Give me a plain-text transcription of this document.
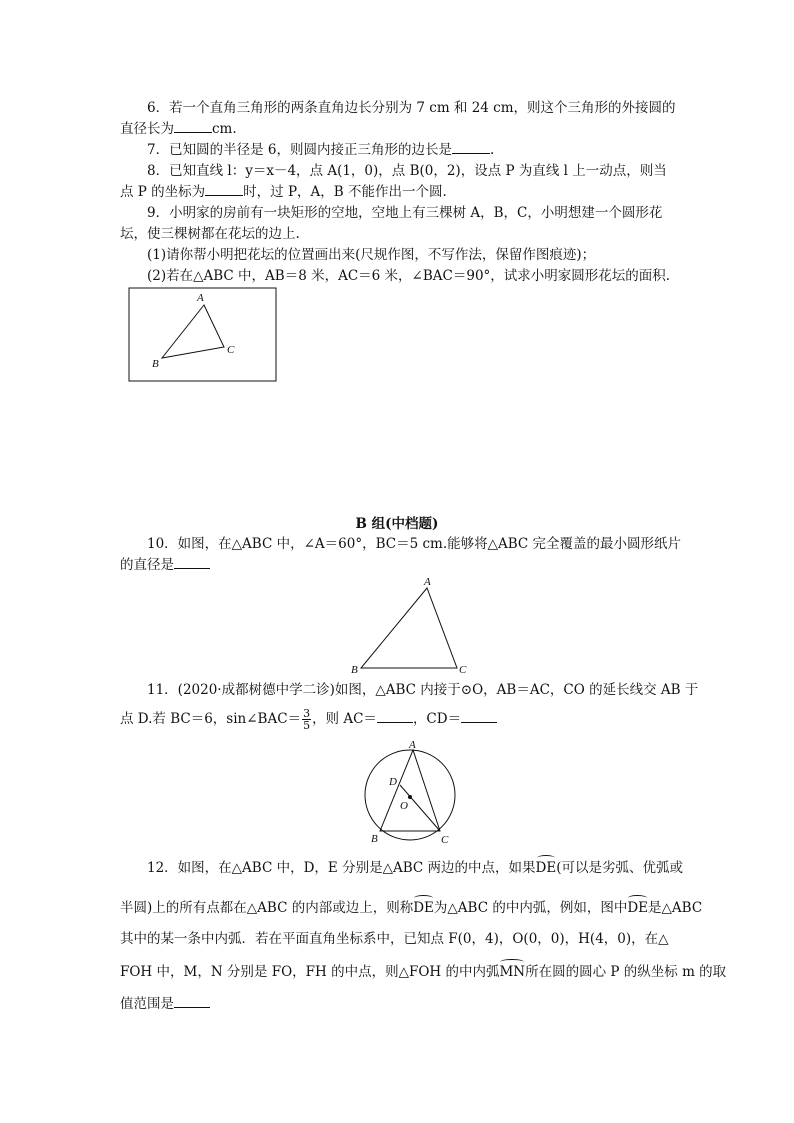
6．若一个直角三角形的两条直角边长分别为 7 cm 和 24 cm，则这个三角形的外接圆的
直径长为	cm.
7．已知圆的半径是 6，则圆内接正三角形的边长是	.
8．已知直线 l：y＝x－4，点 A(1，0)，点 B(0，2)，设点 P 为直线 l 上一动点，则当
点 P 的坐标为	时，过 P，A，B 不能作出一个圆.
9．小明家的房前有一块矩形的空地，空地上有三棵树 A，B，C，小明想建一个圆形花
坛，使三棵树都在花坛的边上.
(1)请你帮小明把花坛的位置画出来(尺规作图，不写作法，保留作图痕迹)；
(2)若在△ABC 中，AB＝8 米，AC＝6 米，∠BAC＝90°，试求小明家圆形花坛的面积.
A
B
C
B 组(中档题)
10．如图，在△ABC 中，∠A＝60°，BC＝5 cm.能够将△ABC 完全覆盖的最小圆形纸片
的直径是
A
B	C
11．(2020·成都树德中学二诊)如图，△ABC 内接于⊙O，AB＝AC，CO 的延长线交 AB 于
点 D.若 BC＝6，sin∠BAC＝ $\frac{3}{5}$ ，则 AC＝	，CD＝
A
B	C
D
O
12．如图，在△ABC 中，D，E 分别是△ABC 两边的中点，如果DE(可以是劣弧、优弧或
半圆)上的所有点都在△ABC 的内部或边上，则称DE为△ABC 的中内弧，例如，图中DE是△ABC
其中的某一条中内弧．若在平面直角坐标系中，已知点 F(0，4)，O(0，0)，H(4，0)，在△
FOH 中，M，N 分别是 FO，FH 的中点，则△FOH 的中内弧MN所在圆的圆心 P 的纵坐标 m 的取
值范围是
